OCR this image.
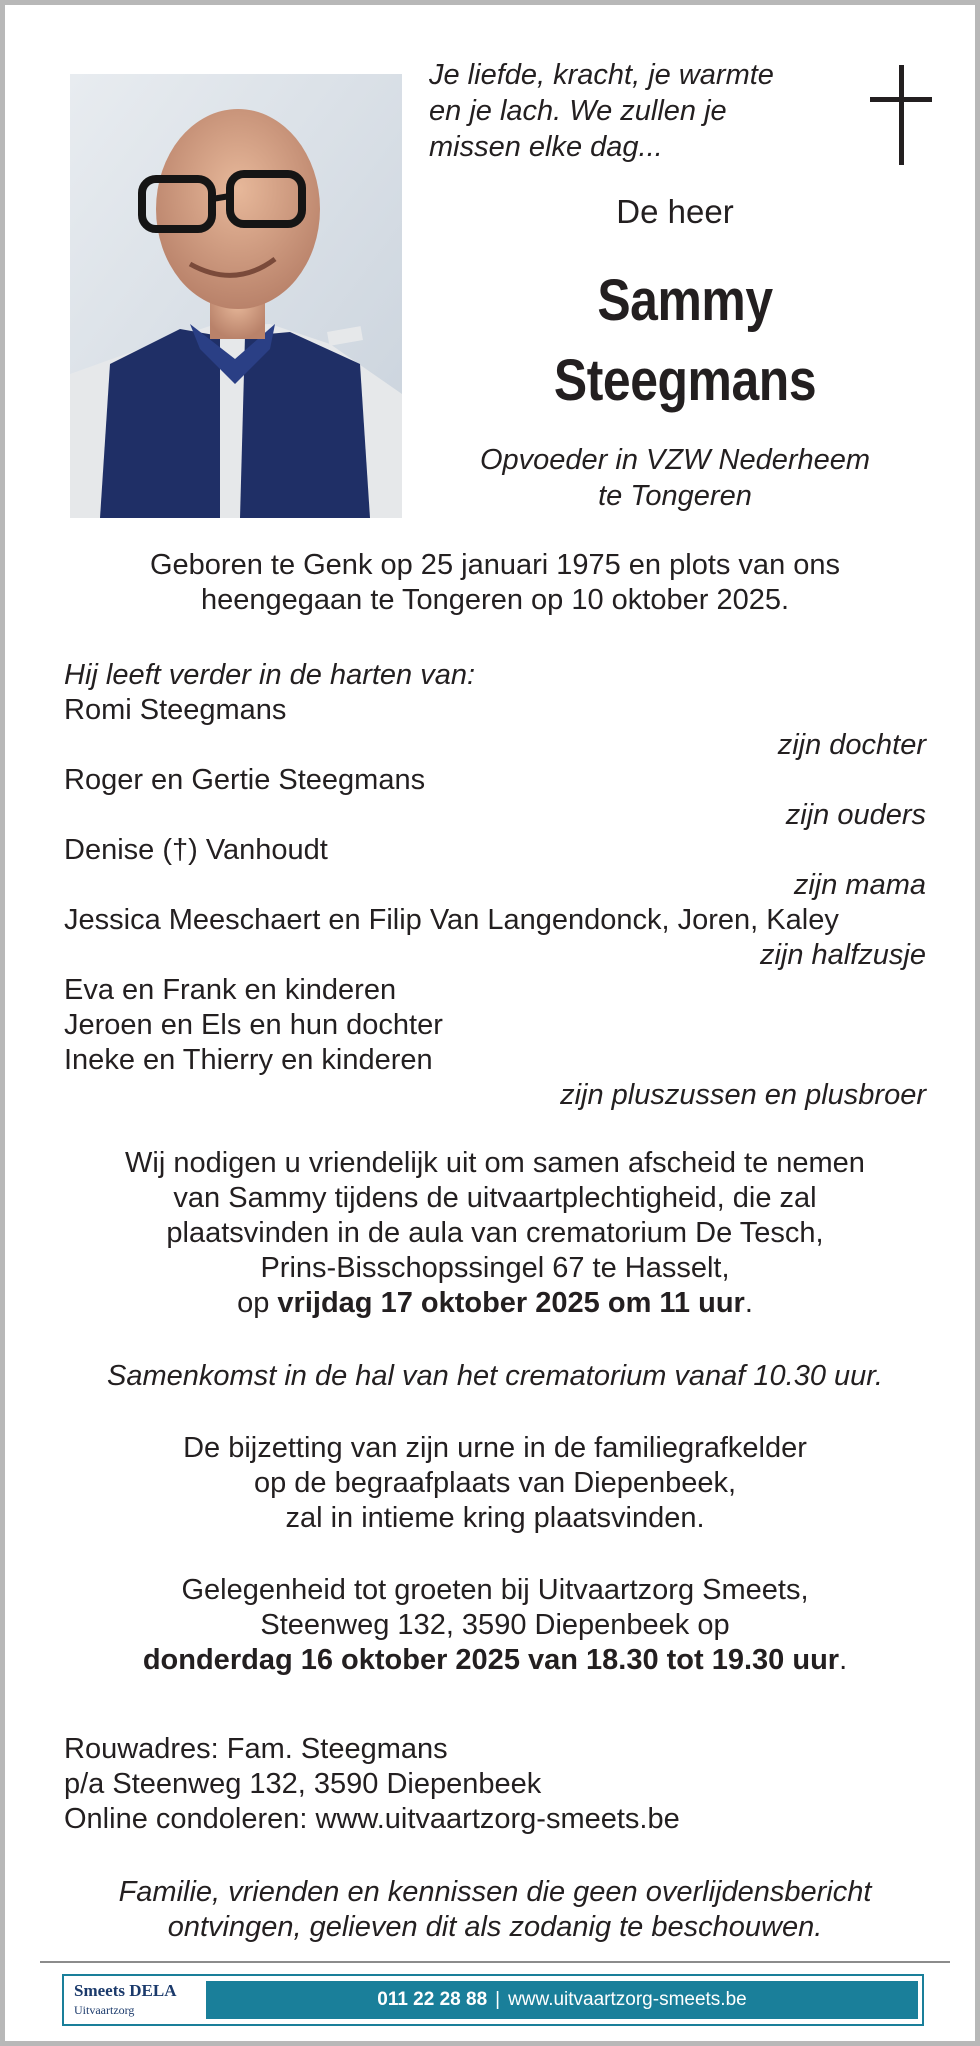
Je liefde, kracht, je warmte
en je lach. We zullen je
missen elke dag...
De heer
Sammy
Steegmans
Opvoeder in VZW Nederheem
te Tongeren
Geboren te Genk op 25 januari 1975 en plots van ons
heengegaan te Tongeren op 10 oktober 2025.
Hij leeft verder in de harten van:
Romi Steegmans
zijn dochter
Roger en Gertie Steegmans
zijn ouders
Denise (†) Vanhoudt
zijn mama
Jessica Meeschaert en Filip Van Langendonck, Joren, Kaley
zijn halfzusje
Eva en Frank en kinderen
Jeroen en Els en hun dochter
Ineke en Thierry en kinderen
zijn pluszussen en plusbroer
Wij nodigen u vriendelijk uit om samen afscheid te nemen
van Sammy tijdens de uitvaartplechtigheid, die zal
plaatsvinden in de aula van crematorium De Tesch,
Prins-Bisschopssingel 67 te Hasselt,
op vrijdag 17 oktober 2025 om 11 uur.
Samenkomst in de hal van het crematorium vanaf 10.30 uur.
De bijzetting van zijn urne in de familiegrafkelder
op de begraafplaats van Diepenbeek,
zal in intieme kring plaatsvinden.
Gelegenheid tot groeten bij Uitvaartzorg Smeets,
Steenweg 132, 3590 Diepenbeek op
donderdag 16 oktober 2025 van 18.30 tot 19.30 uur.
Rouwadres: Fam. Steegmans
p/a Steenweg 132, 3590 Diepenbeek
Online condoleren: www.uitvaartzorg-smeets.be
Familie, vrienden en kennissen die geen overlijdensbericht
ontvingen, gelieven dit als zodanig te beschouwen.
Smeets DELA
Uitvaartzorg	011 22 28 88 | www.uitvaartzorg-smeets.be
